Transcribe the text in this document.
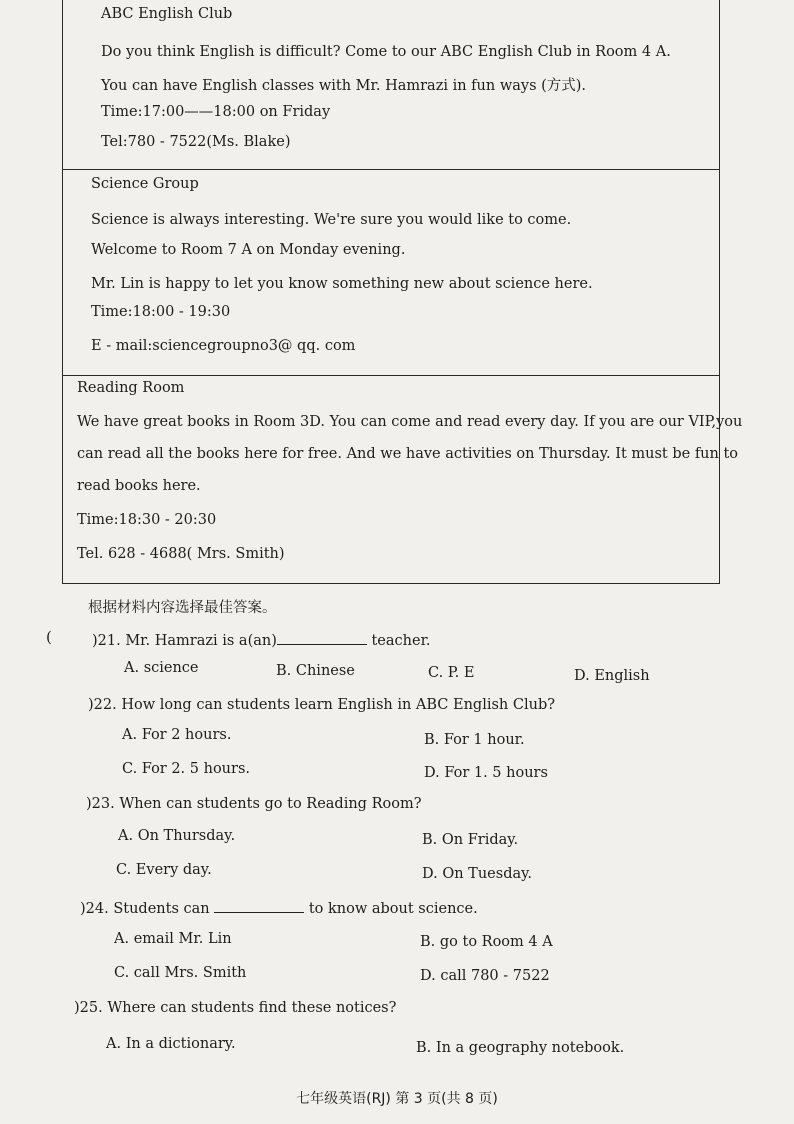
ABC English Club
Do you think English is difficult? Come to our ABC English Club in Room 4 A.
You can have English classes with Mr. Hamrazi in fun ways (方式).
Time:17:00——18:00 on Friday
Tel:780 - 7522(Ms. Blake)
Science Group
Science is always interesting. We're sure you would like to come.
Welcome to Room 7 A on Monday evening.
Mr. Lin is happy to let you know something new about science here.
Time:18:00 - 19:30
E - mail:sciencegroupno3@ qq. com
Reading Room
We have great books in Room 3D. You can come and read every day. If you are our VIP,you
can read all the books here for free. And we have activities on Thursday. It must be fun to
read books here.
Time:18:30 - 20:30
Tel. 628 - 4688( Mrs. Smith)
根据材料内容选择最佳答案。
(	)21. Mr. Hamrazi is a(an)	teacher.
A. science	B. Chinese	C. P. E	D. English
)22. How long can students learn English in ABC English Club?
A. For 2 hours.	B. For 1 hour.
C. For 2. 5 hours.	D. For 1. 5 hours
)23. When can students go to Reading Room?
A. On Thursday.	B. On Friday.
C. Every day.	D. On Tuesday.
)24. Students can	to know about science.
A. email Mr. Lin	B. go to Room 4 A
C. call Mrs. Smith	D. call 780 - 7522
)25. Where can students find these notices?
A. In a dictionary.	B. In a geography notebook.
七年级英语(RJ) 第 3 页(共 8 页)
